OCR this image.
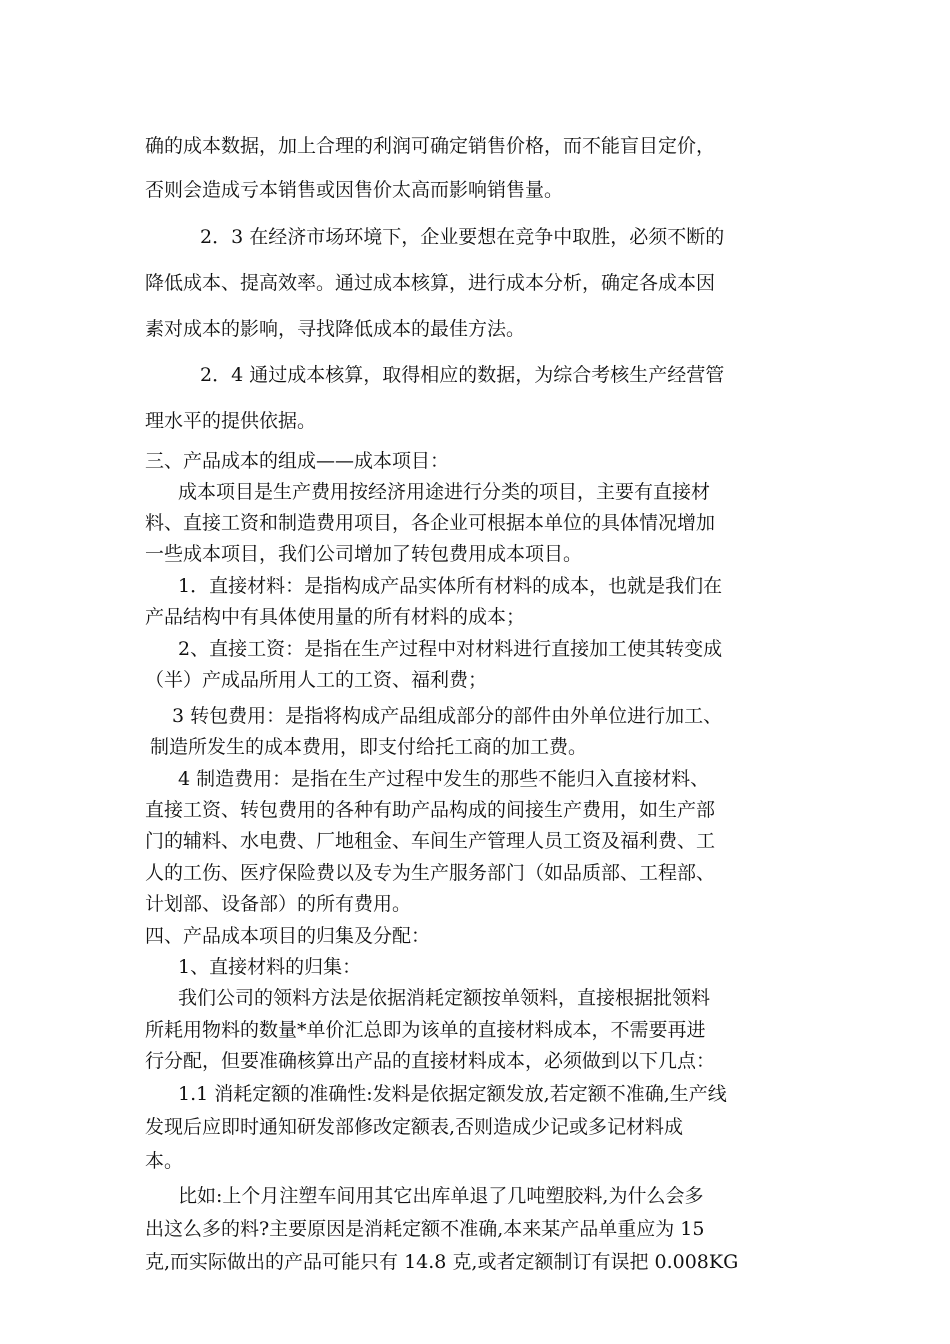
确的成本数据，加上合理的利润可确定销售价格，而不能盲目定价，
否则会造成亏本销售或因售价太高而影响销售量。
2．3 在经济市场环境下，企业要想在竞争中取胜，必须不断的
降低成本、提高效率。通过成本核算，进行成本分析，确定各成本因
素对成本的影响，寻找降低成本的最佳方法。
2．4 通过成本核算，取得相应的数据，为综合考核生产经营管
理水平的提供依据。
三、产品成本的组成——成本项目：
成本项目是生产费用按经济用途进行分类的项目，主要有直接材
料、直接工资和制造费用项目，各企业可根据本单位的具体情况增加
一些成本项目，我们公司增加了转包费用成本项目。
1．直接材料：是指构成产品实体所有材料的成本，也就是我们在
产品结构中有具体使用量的所有材料的成本；
2、直接工资：是指在生产过程中对材料进行直接加工使其转变成
（半）产成品所用人工的工资、福利费；
3 转包费用：是指将构成产品组成部分的部件由外单位进行加工、
制造所发生的成本费用，即支付给托工商的加工费。
4 制造费用：是指在生产过程中发生的那些不能归入直接材料、
直接工资、转包费用的各种有助产品构成的间接生产费用，如生产部
门的辅料、水电费、厂地租金、车间生产管理人员工资及福利费、工
人的工伤、医疗保险费以及专为生产服务部门（如品质部、工程部、
计划部、设备部）的所有费用。
四、产品成本项目的归集及分配：
1、直接材料的归集：
我们公司的领料方法是依据消耗定额按单领料，直接根据批领料
所耗用物料的数量*单价汇总即为该单的直接材料成本，不需要再进
行分配，但要准确核算出产品的直接材料成本，必须做到以下几点：
1.1 消耗定额的准确性:发料是依据定额发放,若定额不准确,生产线
发现后应即时通知研发部修改定额表,否则造成少记或多记材料成
本。
比如:上个月注塑车间用其它出库单退了几吨塑胶料,为什么会多
出这么多的料?主要原因是消耗定额不准确,本来某产品单重应为 15
克,而实际做出的产品可能只有 14.8 克,或者定额制订有误把 0.008KG
